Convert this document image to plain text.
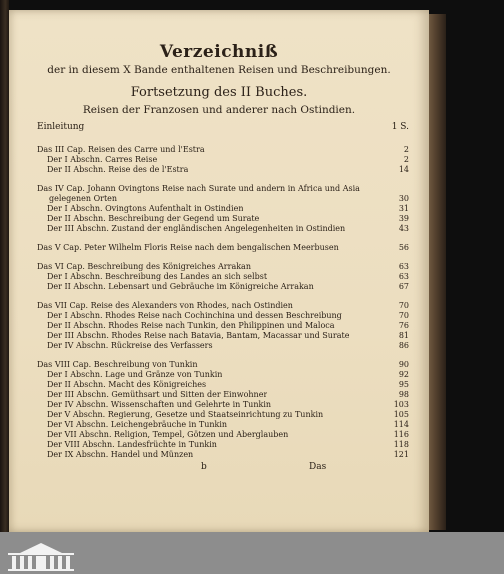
Verzeichniß
der in diesem X Bande enthaltenen Reisen und Beschreibungen.
Fortsetzung des II Buches.
Reisen der Franzosen und anderer nach Ostindien.
Einleitung	1 S.
Das III Cap. Reisen des Carre und l'Estra	2
Der I Abschn. Carres Reise	2
Der II Abschn. Reise des de l'Estra	14
Das IV Cap. Johann Ovingtons Reise nach Surate und andern in Africa und Asia
gelegenen Orten	30
Der I Abschn. Ovingtons Aufenthalt in Ostindien	31
Der II Abschn. Beschreibung der Gegend um Surate	39
Der III Abschn. Zustand der engländischen Angelegenheiten in Ostindien	43
Das V Cap. Peter Wilhelm Floris Reise nach dem bengalischen Meerbusen	56
Das VI Cap. Beschreibung des Königreiches Arrakan	63
Der I Abschn. Beschreibung des Landes an sich selbst	63
Der II Abschn. Lebensart und Gebräuche im Königreiche Arrakan	67
Das VII Cap. Reise des Alexanders von Rhodes, nach Ostindien	70
Der I Abschn. Rhodes Reise nach Cochinchina und dessen Beschreibung	70
Der II Abschn. Rhodes Reise nach Tunkin, den Philippinen und Maloca	76
Der III Abschn. Rhodes Reise nach Batavia, Bantam, Macassar und Surate	81
Der IV Abschn. Rückreise des Verfassers	86
Das VIII Cap. Beschreibung von Tunkin	90
Der I Abschn. Lage und Gränze von Tunkin	92
Der II Abschn. Macht des Königreiches	95
Der III Abschn. Gemüthsart und Sitten der Einwohner	98
Der IV Abschn. Wissenschaften und Gelehrte in Tunkin	103
Der V Abschn. Regierung, Gesetze und Staatseinrichtung zu Tunkin	105
Der VI Abschn. Leichengebräuche in Tunkin	114
Der VII Abschn. Religion, Tempel, Götzen und Aberglauben	116
Der VIII Abschn. Landesfrüchte in Tunkin	118
Der IX Abschn. Handel und Münzen	121
b	Das
